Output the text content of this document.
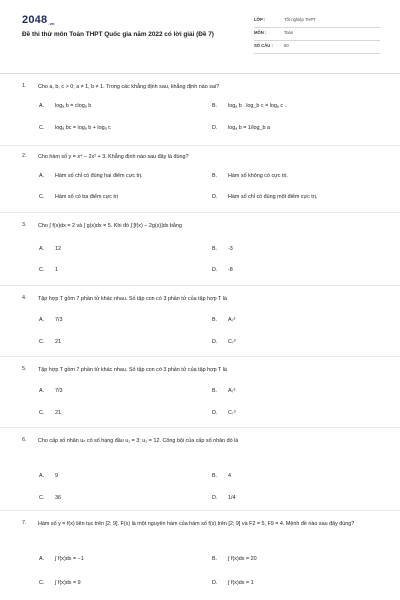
2048.vn
Đề thi thử môn Toán THPT Quốc gia năm 2022 có lời giải (Đề 7)
LỚP :	Tốt nghiệp THPT
MÔN :	Toán
SỐ CÂU :	50
1. Cho a, b, c > 0; a ≠ 1, b ≠ 1. Trong các khẳng định sau, khẳng định nào sai?
A. logₐ b = clogₐ b	B. logₐ b . log_b c = logₐ c .
C. logₐ bc = logₐ b + logₐ c	D. logₐ b = 1/log_b a
2. Cho hàm số y = x⁴ − 2x² + 3. Khẳng định nào sau đây là đúng?
A. Hàm số chỉ có đúng hai điểm cực trị.	B. Hàm số không có cực trị.
C. Hàm số có ba điểm cực trị	D. Hàm số chỉ có đúng một điểm cực trị.
3. Cho ∫ f(x)dx = 2 và ∫ g(x)dx = 5. Khi đó ∫ [f(x) − 2g(x)]dx bằng
A. 12	B. -3
C. 1	D. -8
4. Tập hợp T gồm 7 phần tử khác nhau. Số tập con có 3 phần tử của tập hợp T là
A. 7/3	B. A₇³
C. 21	D. C₇³
5. Tập hợp T gồm 7 phần tử khác nhau. Số tập con có 3 phần tử của tập hợp T là
A. 7/3	B. A₇³
C. 21	D. C₇³
6. Cho cấp số nhân uₙ có số hạng đầu u₁ = 3; u₂ = 12. Công bội của cấp số nhân đó là
A. 9	B. 4
C. 36	D. 1/4
7. Hàm số y = f(x) liên tục trên [2; 9]. F(x) là một nguyên hàm của hàm số f(x) trên [2; 9] và F2 = 5, F9 = 4. Mệnh đề nào sau đây đúng?
A. ∫ f(x)dx = −1	B. ∫ f(x)dx = 20
C. ∫ f(x)dx = 9	D. ∫ f(x)dx = 1
